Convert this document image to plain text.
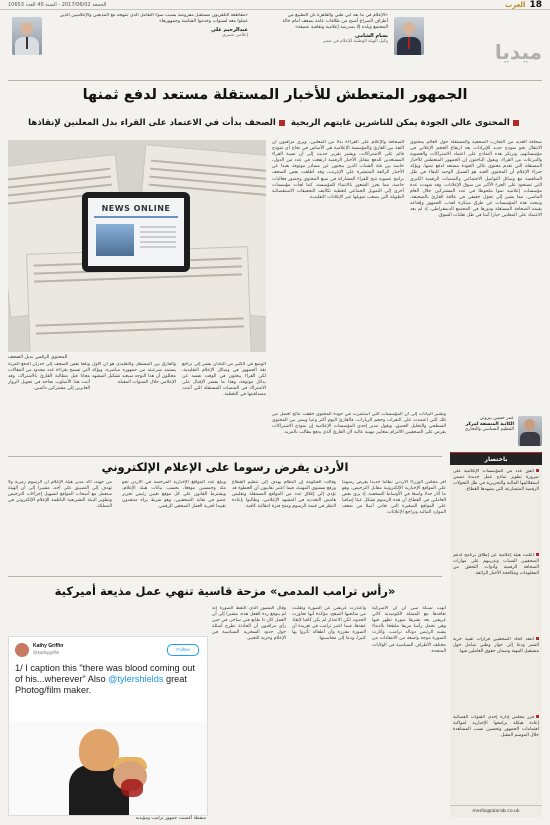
18
العرب
الجمعة 2017/06/02 - السنة 40 العدد 10653
«الإعلام في ما بعد أبي ظبي والقاهرة بأن التطبيع من أطراف الصراع أصبح من طلاقات عامة يضعف أمام حالة المجتمع وبلده إلا بمدرسة إعلامية وثقافية عميقة»
بسام الشامي
وكيل الهيئة الوطنية للإعلام في مصر
«مقاطعة التلفزيون مستقبل مفروضة بسبب سوء التعامل الذي تنتهجه مع المذيعين والإعلاميين الذين عملوا معه لسنوات وخدموا الشاشة وجمهورها»
عبدالرحيم علي
إعلامي مصري
ميديا
الجمهور المتعطش للأخبار المستقلة مستعد لدفع ثمنها
المحتوى عالي الجودة يمكن للناشرين غايتهم الربحية الصحف بدأت في الاعتماد على القراء بدل المعلنين لإنقاذها
صحافة العديد من التجارب الصحفية والمستقلة حول العالم بمحتوى الانتقال نحو نموذج جديد للإيرادات بعد ارتفاع الحجم الإعلاني في مؤسساتهم، وترتكز هذه النماذج على اعتماد الاشتراكات والعضوية والتبرعات من القراء، ويقول الباحثون إن الجمهور المتعطش للأخبار المستقلة التي تقدم محتوى عالي الجودة مستعد لدفع ثمنها، ويؤكد خبراء الإعلام أن المحتوى الجيد هو السبيل الوحيد للبقاء في ظل المنافسة مع وسائل التواصل الاجتماعي والمنصات الرقمية الكبرى التي تستحوذ على الجزء الأكبر من سوق الإعلانات، وقد شهدت عدة مؤسسات إعلامية نموا ملحوظا في عدد المشتركين خلال العام الماضي، مما يشير إلى تحول حقيقي في علاقة القارئ بالصحيفة، وتبحث هذه المؤسسات عن طرق مبتكرة لجذب الجمهور وإقناعه بقيمة الصحافة المستقلة ودورها في المجتمع الديمقراطي، إذ لم يعد الاعتماد على المعلنين خيارا آمنا في ظل تقلبات السوق.
الصحافة والإعلام على القراءة بدلا من المعلنين، ويرى مراقبون أن الثقة بين القارئ والمؤسسة الإعلامية هي الأساس في نجاح أي نموذج قائم على الاشتراكات، ويشير تقرير حديث إلى أن نسبة القراء المستعدين للدفع مقابل الأخبار الرقمية ارتفعت في عدد من الدول، خاصة بين فئة الشباب الذين يبحثون عن مصادر موثوقة بعيدا عن الأخبار الزائفة المنتشرة على الإنترنت، وقد أطلقت بعض الصحف برامج عضوية تتيح للقراء المشاركة في صنع المحتوى وحضور فعاليات خاصة، مما يعزز الشعور بالانتماء للمؤسسة، كما لجأت مؤسسات أخرى إلى التمويل الجماعي لتغطية تكاليف التحقيقات الاستقصائية الطويلة التي يصعب تمويلها عبر الإعلانات التقليدية.
NEWS ONLINE
المحتوى الرقمي بديل الصحف
الوضع في الكثير من البلدان يشير إلى تراجع ثقة الجمهور في وسائل الإعلام التقليدية، لكن القراء يبحثون في الوقت نفسه عن بدائل موثوقة، وهذا ما يفسر الإقبال على الاشتراك في المنصات المستقلة التي أثبتت مصداقيتها في التغطية.
والفارق بين المستقل والتقليدي هو أن الأول يستمد شرعيته من جمهوره مباشرة، ويؤكد محللون أن هذا التوجه سيعيد تشكيل المشهد الإعلامي خلال السنوات المقبلة.
وتلجأ بعض الصحف إلى جدران الدفع المرنة التي تسمح بقراءة عدد محدود من المقالات مجانا قبل مطالبة القارئ بالاشتراك، وقد أثبت هذا الأسلوب نجاحه في تحويل الزوار العابرين إلى مشتركين دائمين.
عمر حسين بيروتي
الكاتبة المنسقة لمركز
التنظيم السياسي والتجاري
وتشير البيانات إلى أن المؤسسات التي استثمرت في جودة المحتوى حققت نتائج أفضل من تلك التي اعتمدت على النقرات وحجم الزيارات، فالقارئ اليوم أكثر وعيا ويميز بين المحتوى السطحي والتحليل العميق، ويقول مدير إحدى المؤسسات الإعلامية إن نموذج الاشتراكات يفرض على الصحفيين الالتزام بمعايير مهنية عالية لأن القارئ الذي يدفع يطالب بالمزيد.
باختصار
اتفق عدد من المؤسسات الإعلامية على ضرورة تطوير نماذج عمل جديدة تضمن استقلاليتها المالية والتحريرية في ظل التحولات الرقمية المتسارعة التي يشهدها القطاع.
أعلنت هيئة إعلامية عن إطلاق برنامج لدعم الصحفيين الشباب وتدريبهم على مهارات الصحافة الرقمية وأدوات التحقق من المعلومات ومكافحة الأخبار الزائفة.
انتقد اتحاد الصحفيين قرارات تقييد حرية النشر ودعا إلى حوار وطني شامل حول مستقبل المهنة وضمان حقوق العاملين فيها.
قرر مجلس إدارة إحدى القنوات الفضائية إعادة هيكلة برامجها الإخبارية لمواكبة اهتمامات الجمهور وتحسين نسب المشاهدة خلال الموسم المقبل.
media@alarab.co.uk
الأردن يفرض رسوما على الإعلام الإلكتروني
أقر مجلس الوزراء الأردني نظاما جديدا يفرض رسوما على المواقع الإخبارية الإلكترونية مقابل الترخيص، وهو ما أثار جدلا واسعا في الأوساط الصحفية، إذ يرى بعض العاملين في القطاع أن هذه الرسوم تشكل عبئا إضافيا على المواقع الصغيرة التي تعاني أصلا من ضعف الموارد المالية وتراجع الإعلانات.
وقالت الحكومة إن النظام يهدف إلى تنظيم القطاع ورفع مستوى المهنية، فيما اعتبر نقابيون أن الخطوة قد تؤدي إلى إغلاق عدد من المواقع المستقلة وتقليص هامش التعددية في المشهد الإعلامي، وطالبوا بإعادة النظر في قيمة الرسوم ومنح فترة انتقالية كافية.
ويبلغ عدد المواقع الإخبارية المرخصة في الأردن نحو مئة وخمسين موقعا، بحسب بيانات هيئة الإعلام، ويشترط القانون على كل موقع تعيين رئيس تحرير عضو في نقابة الصحفيين، وهو شرط يراه منتقدون تقييدا لحرية العمل الصحفي الرقمي.
من جهته، أكد مدير هيئة الإعلام أن الرسوم رمزية ولا تهدف إلى التضييق على أحد، مشيرا إلى أن الهيئة ستعمل مع أصحاب المواقع لتسهيل إجراءات الترخيص وتطوير البيئة التشريعية الناظمة للإعلام الإلكتروني في المملكة.
«رأس ترامب المدمى» مزحة قاسية تنهي عمل مذيعة أميركية
أنهت شبكة سي أن أن الأميركية تعاقدها مع الممثلة الكوميدية كاثي غريفين بعد نشرها صورة تظهر فيها وهي تحمل رأسا مزيفا ملطخا بالدماء يشبه الرئيس دونالد ترامب، وأثارت الصورة موجة واسعة من الانتقادات من مختلف الأطراف السياسية في الولايات المتحدة.
واعتذرت غريفين عن الصورة وطلبت من متابعيها الصفح، مؤكدة أنها تجاوزت الحدود، لكن الاعتذار لم يكن كافيا لإنقاذ عقدها، فيما اعتبر ترامب في تغريدة أن الصورة مقززة وأن أطفاله تأثروا بها كثيرا، ودعا إلى محاسبتها.
وقال المصور الذي التقط الصورة إنه لم يتوقع ردة الفعل هذه، مشيرا إلى أن العمل كان ذا طابع فني ساخر، في حين رأى مراقبون أن الحادثة تطرح أسئلة حول حدود السخرية السياسية في الإعلام وحرية التعبير.
Kathy Griffin
@kathygriffin
Follow
1/ I caption this "there was blood coming out of his...wherever" Also @tylershields great Photog/film maker.
سقطة أغضبت جمهور ترامب ومؤيديه
